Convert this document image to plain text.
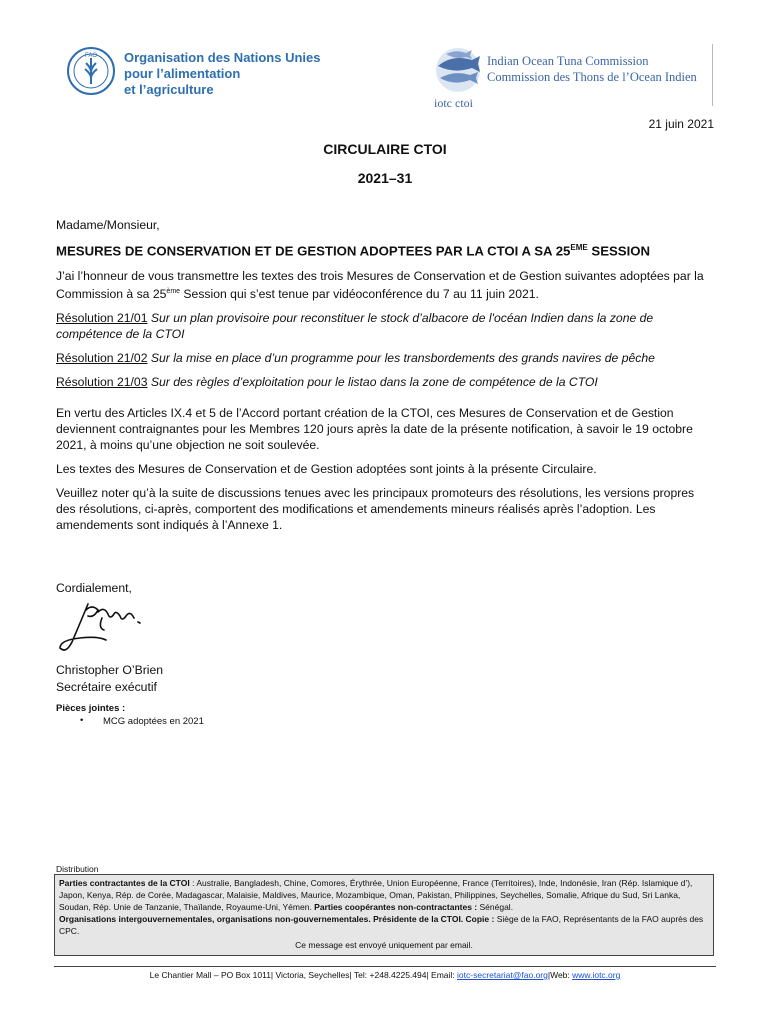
FAO Organisation des Nations Unies
pour l’alimentation
et l’agriculture
iotc ctoi
Indian Ocean Tuna Commission
Commission des Thons de l’Ocean Indien
21 juin 2021
CIRCULAIRE CTOI
2021–31
Madame/Monsieur,
MESURES DE CONSERVATION ET DE GESTION ADOPTEES PAR LA CTOI A SA 25EME SESSION
J’ai l’honneur de vous transmettre les textes des trois Mesures de Conservation et de Gestion suivantes adoptées par la Commission à sa 25ème Session qui s’est tenue par vidéoconférence du 7 au 11 juin 2021.
Résolution 21/01 Sur un plan provisoire pour reconstituer le stock d’albacore de l'océan Indien dans la zone de compétence de la CTOI
Résolution 21/02 Sur la mise en place d’un programme pour les transbordements des grands navires de pêche
Résolution 21/03 Sur des règles d’exploitation pour le listao dans la zone de compétence de la CTOI
En vertu des Articles IX.4 et 5 de l’Accord portant création de la CTOI, ces Mesures de Conservation et de Gestion deviennent contraignantes pour les Membres 120 jours après la date de la présente notification, à savoir le 19 octobre 2021, à moins qu’une objection ne soit soulevée.
Les textes des Mesures de Conservation et de Gestion adoptées sont joints à la présente Circulaire.
Veuillez noter qu’à la suite de discussions tenues avec les principaux promoteurs des résolutions, les versions propres des résolutions, ci-après, comportent des modifications et amendements mineurs réalisés après l’adoption. Les amendements sont indiqués à l’Annexe 1.
Cordialement,
Christopher O’Brien
Secrétaire exécutif
Pièces jointes :
• MCG adoptées en 2021
Distribution
Parties contractantes de la CTOI : Australie, Bangladesh, Chine, Comores, Érythrée, Union Européenne, France (Territoires), Inde, Indonésie, Iran (Rép. Islamique d’), Japon, Kenya, Rép. de Corée, Madagascar, Malaisie, Maldives, Maurice, Mozambique, Oman, Pakistan, Philippines, Seychelles, Somalie, Afrique du Sud, Sri Lanka, Soudan, Rép. Unie de Tanzanie, Thaïlande, Royaume-Uni, Yémen. Parties coopérantes non-contractantes : Sénégal.
Organisations intergouvernementales, organisations non-gouvernementales. Présidente de la CTOI. Copie : Siège de la FAO, Représentants de la FAO auprès des CPC.
Ce message est envoyé uniquement par email.
Le Chantier Mall – PO Box 1011| Victoria, Seychelles| Tel: +248.4225.494| Email: iotc-secretariat@fao.org|Web: www.iotc.org
